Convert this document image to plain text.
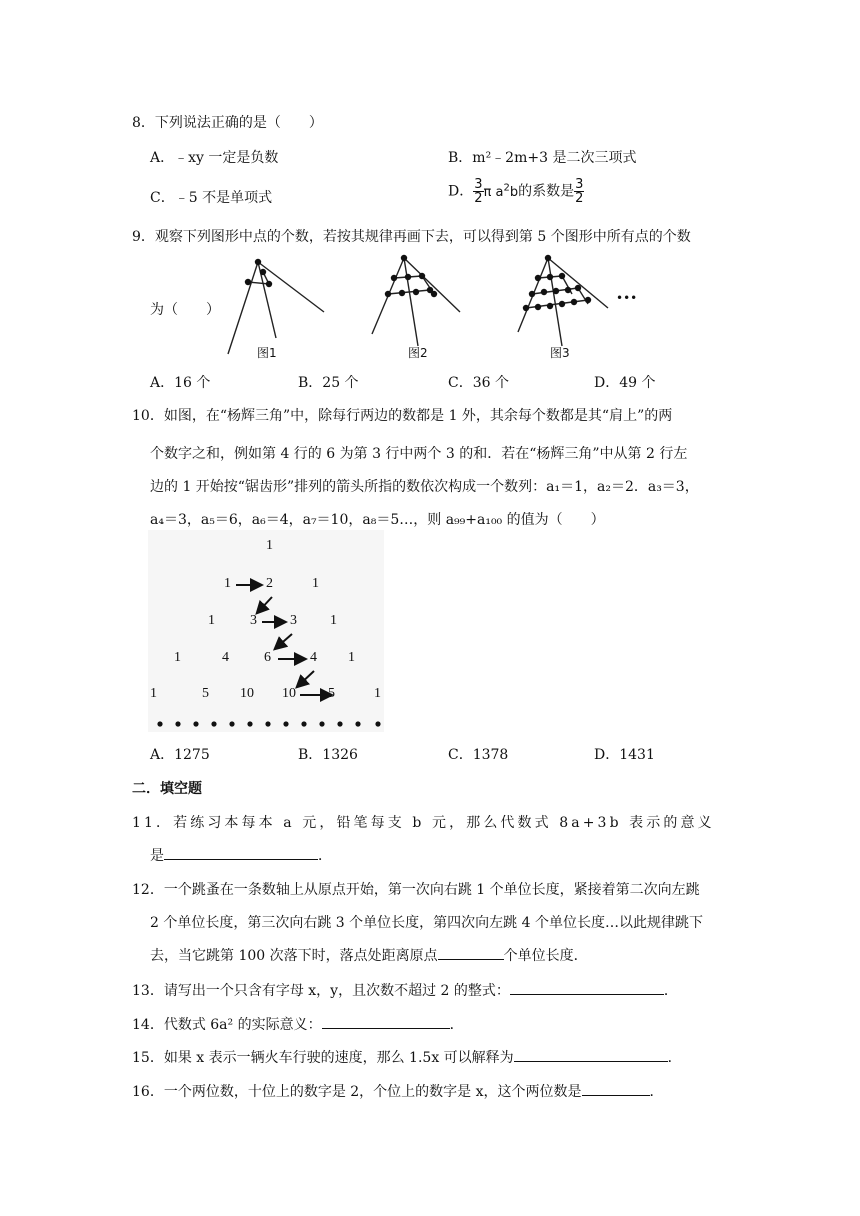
8．下列说法正确的是（　　）
A．﹣xy 一定是负数	B．m²﹣2m+3 是二次三项式
C．﹣5 不是单项式	D． $\frac{3}{2}$ π $a^2b$的系数是 $\frac{3}{2}$
9．观察下列图形中点的个数，若按其规律再画下去，可以得到第 5 个图形中所有点的个数
为（　　）
图1	图2	图3
•••
A．16 个	B．25 个	C．36 个	D．49 个
10．如图，在“杨辉三角”中，除每行两边的数都是 1 外，其余每个数都是其“肩上”的两
个数字之和，例如第 4 行的 6 为第 3 行中两个 3 的和．若在“杨辉三角”中从第 2 行左
边的 1 开始按“锯齿形”排列的箭头所指的数依次构成一个数列：a₁＝1，a₂＝2．a₃＝3，
a₄＝3，a₅＝6，a₆＝4，a₇＝10，a₈＝5…，则 a₉₉+a₁₀₀ 的值为（　　）
1
1	2	1
1	3 3 1
1	4	6	4 1
1	5 10 10 5	1
A．1275	B．1326	C．1378	D．1431
二．填空题
11．若练习本每本 a 元，铅笔每支 b 元，那么代数式 8a+3b 表示的意义
是	．
12．一个跳蚤在一条数轴上从原点开始，第一次向右跳 1 个单位长度，紧接着第二次向左跳
2 个单位长度，第三次向右跳 3 个单位长度，第四次向左跳 4 个单位长度…以此规律跳下
去，当它跳第 100 次落下时，落点处距离原点	个单位长度．
13．请写出一个只含有字母 x，y，且次数不超过 2 的整式：	．
14．代数式 6a² 的实际意义：	．
15．如果 x 表示一辆火车行驶的速度，那么 1.5x 可以解释为	．
16．一个两位数，十位上的数字是 2，个位上的数字是 x，这个两位数是	．
